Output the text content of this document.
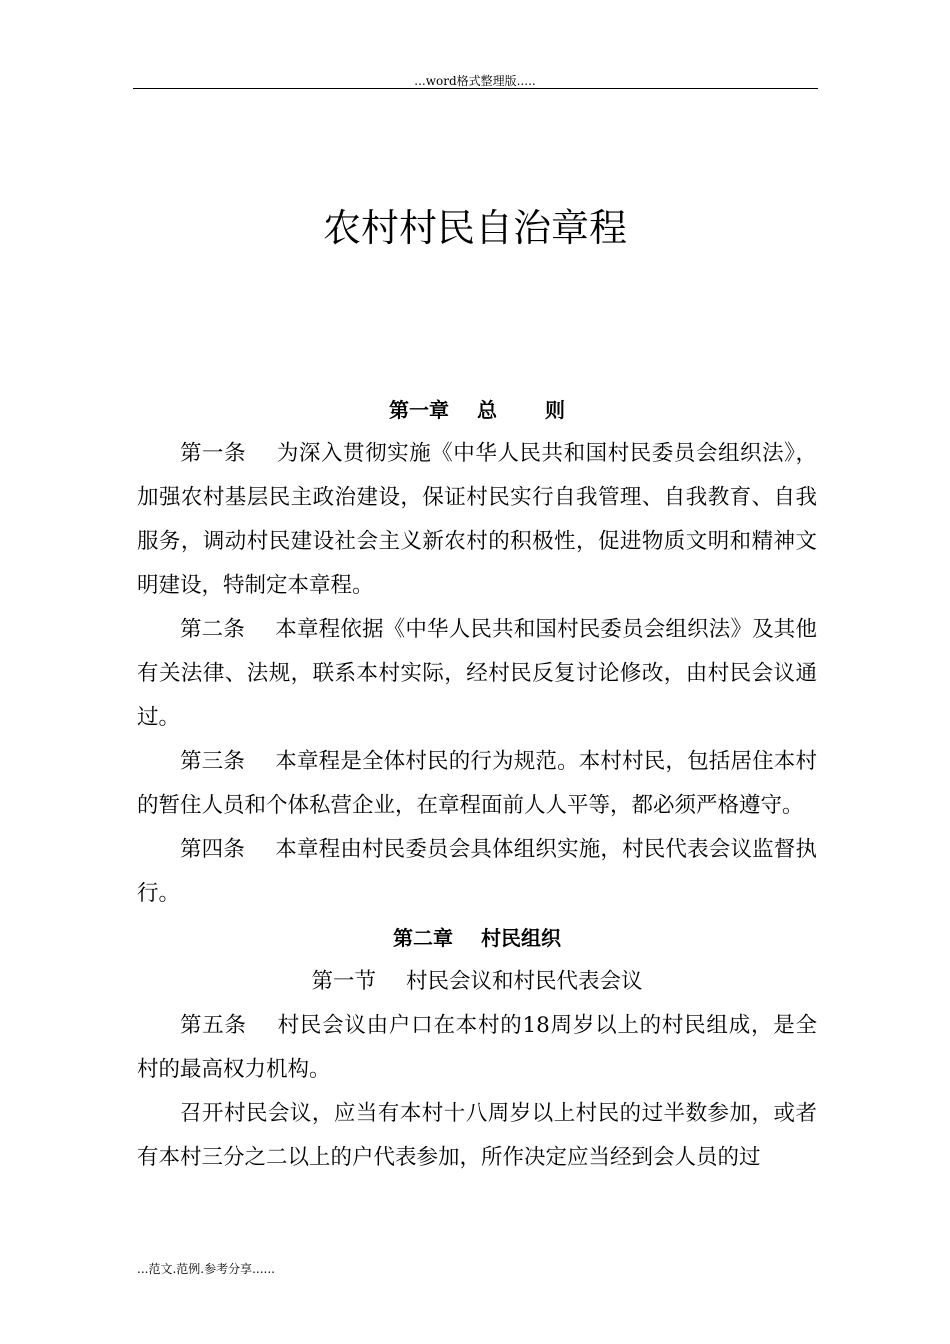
...word格式整理版.....
农村村民自治章程
第一章 总 则

第一条 为深入贯彻实施《中华人民共和国村民委员会组织法》，加强农村基层民主政治建设，保证村民实行自我管理、自我教育、自我服务，调动村民建设社会主义新农村的积极性，促进物质文明和精神文明建设，特制定本章程。

第二条 本章程依据《中华人民共和国村民委员会组织法》及其他有关法律、法规，联系本村实际，经村民反复讨论修改，由村民会议通过。

第三条 本章程是全体村民的行为规范。本村村民，包括居住本村的暂住人员和个体私营企业，在章程面前人人平等，都必须严格遵守。

第四条 本章程由村民委员会具体组织实施，村民代表会议监督执行。

第二章 村民组织
第一节 村民会议和村民代表会议

第五条 村民会议由户口在本村的18周岁以上的村民组成，是全村的最高权力机构。

召开村民会议，应当有本村十八周岁以上村民的过半数参加，或者有本村三分之二以上的户代表参加，所作决定应当经到会人员的过

...范文.范例.参考分享......
